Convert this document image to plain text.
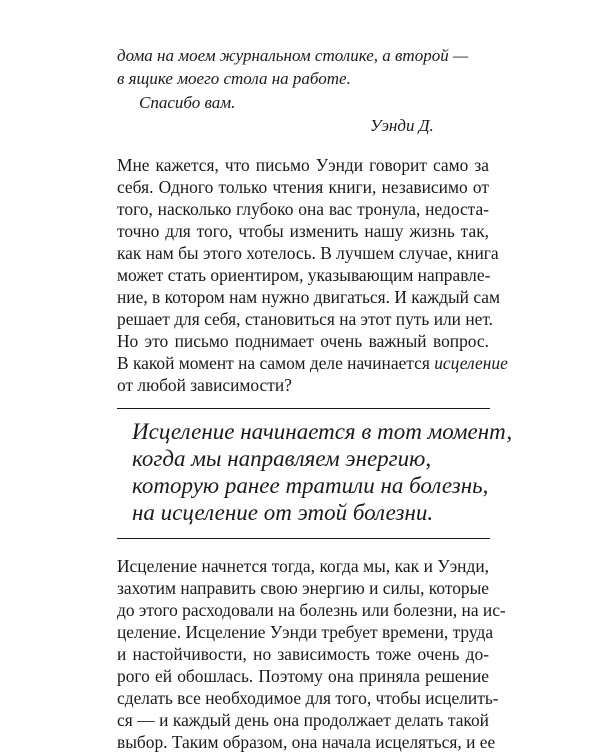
дома на моем журнальном столике, а второй —
в ящике моего стола на работе.
Спасибо вам.
Уэнди Д.
Мне кажется, что письмо Уэнди говорит само за
себя. Одного только чтения книги, независимо от
того, насколько глубоко она вас тронула, недоста-
точно для того, чтобы изменить нашу жизнь так,
как нам бы этого хотелось. В лучшем случае, книга
может стать ориентиром, указывающим направле-
ние, в котором нам нужно двигаться. И каждый сам
решает для себя, становиться на этот путь или нет.
Но это письмо поднимает очень важный вопрос.
В какой момент на самом деле начинается исцеление
от любой зависимости?
Исцеление начинается в тот момент,
когда мы направляем энергию,
которую ранее тратили на болезнь,
на исцеление от этой болезни.
Исцеление начнется тогда, когда мы, как и Уэнди,
захотим направить свою энергию и силы, которые
до этого расходовали на болезнь или болезни, на ис-
целение. Исцеление Уэнди требует времени, труда
и настойчивости, но зависимость тоже очень до-
рого ей обошлась. Поэтому она приняла решение
сделать все необходимое для того, чтобы исцелить-
ся — и каждый день она продолжает делать такой
выбор. Таким образом, она начала исцеляться, и ее
